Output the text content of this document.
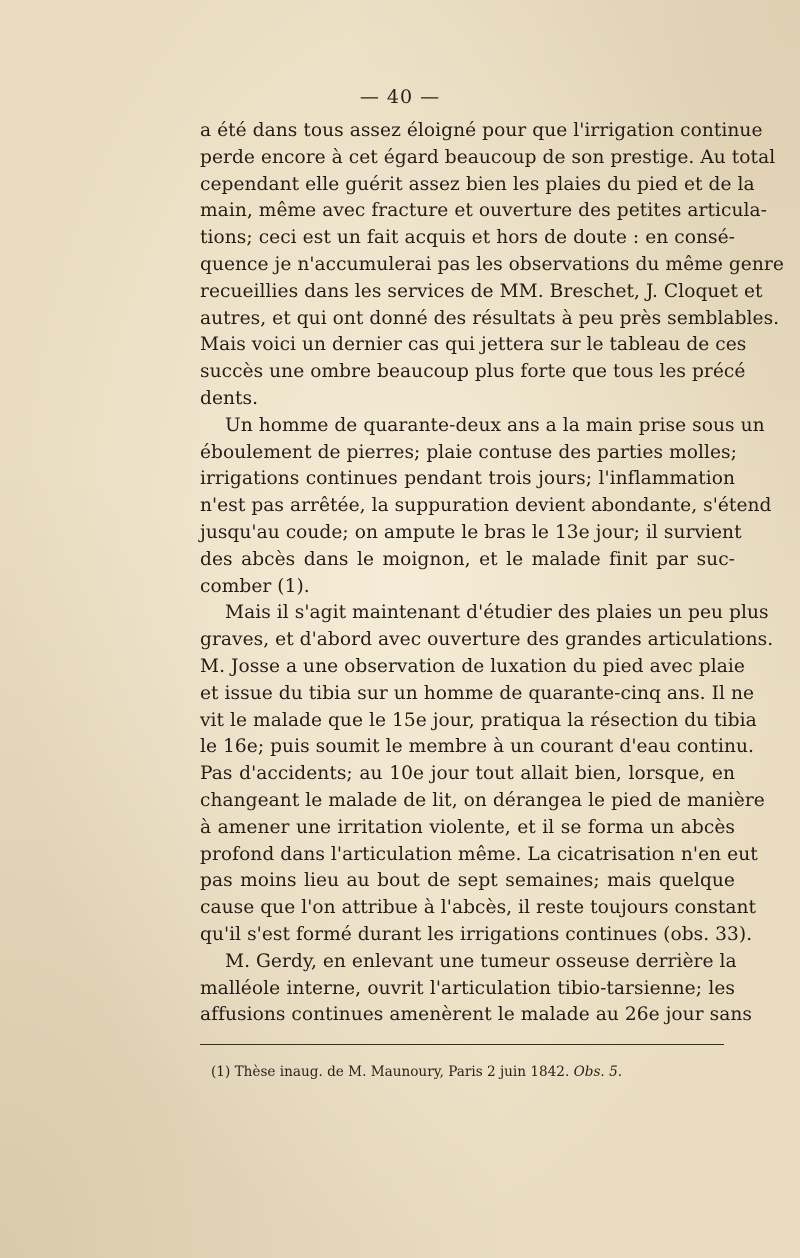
— 40 —
a été dans tous assez éloigné pour que l'irrigation continue
perde encore à cet égard beaucoup de son prestige. Au total
cependant elle guérit assez bien les plaies du pied et de la
main, même avec fracture et ouverture des petites articula-
tions; ceci est un fait acquis et hors de doute : en consé-
quence je n'accumulerai pas les observations du même genre
recueillies dans les services de MM. Breschet, J. Cloquet et
autres, et qui ont donné des résultats à peu près semblables.
Mais voici un dernier cas qui jettera sur le tableau de ces
succès une ombre beaucoup plus forte que tous les précé
dents.
Un homme de quarante-deux ans a la main prise sous un
éboulement de pierres; plaie contuse des parties molles;
irrigations continues pendant trois jours; l'inflammation
n'est pas arrêtée, la suppuration devient abondante, s'étend
jusqu'au coude; on ampute le bras le 13e jour; il survient
des abcès dans le moignon, et le malade finit par suc-
comber (1).
Mais il s'agit maintenant d'étudier des plaies un peu plus
graves, et d'abord avec ouverture des grandes articulations.
M. Josse a une observation de luxation du pied avec plaie
et issue du tibia sur un homme de quarante-cinq ans. Il ne
vit le malade que le 15e jour, pratiqua la résection du tibia
le 16e; puis soumit le membre à un courant d'eau continu.
Pas d'accidents; au 10e jour tout allait bien, lorsque, en
changeant le malade de lit, on dérangea le pied de manière
à amener une irritation violente, et il se forma un abcès
profond dans l'articulation même. La cicatrisation n'en eut
pas moins lieu au bout de sept semaines; mais quelque
cause que l'on attribue à l'abcès, il reste toujours constant
qu'il s'est formé durant les irrigations continues (obs. 33).
M. Gerdy, en enlevant une tumeur osseuse derrière la
malléole interne, ouvrit l'articulation tibio-tarsienne; les
affusions continues amenèrent le malade au 26e jour sans
(1) Thèse inaug. de M. Maunoury, Paris 2 juin 1842. Obs. 5.
